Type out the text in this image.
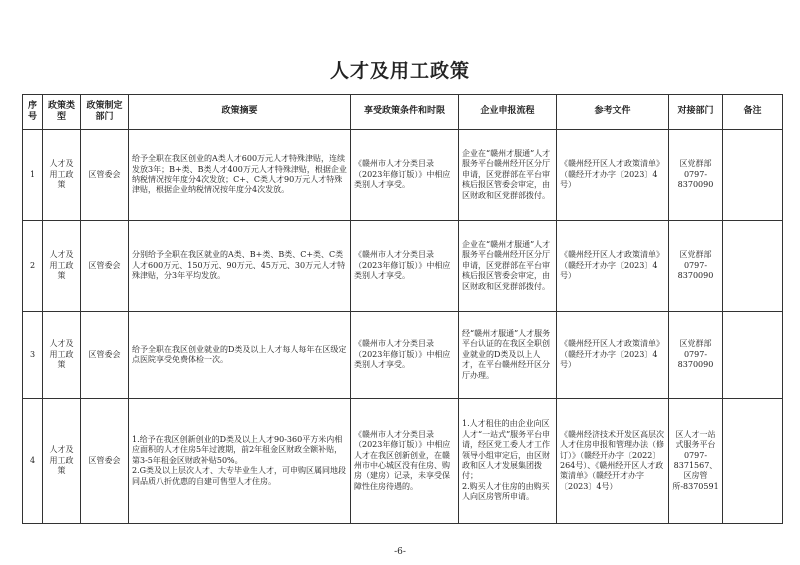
人才及用工政策
序号	政策类型	政策制定部门	政策摘要	享受政策条件和时限	企业申报流程	参考文件	对接部门	备注
1	人才及用工政策	区管委会	给予全职在我区创业的A类人才600万元人才特殊津贴，连续发放3年；B+类、B类人才400万元人才特殊津贴，根据企业纳税情况按年度分4次发放；C+、C类人才90万元人才特殊津贴，根据企业纳税情况按年度分4次发放。	《赣州市人才分类目录（2023年修订版）》中相应类别人才享受。	企业在“赣州才服通”人才服务平台赣州经开区分厅申请，区党群部在平台审核后报区管委会审定，由区财政和区党群部拨付。	《赣州经开区人才政策清单》（赣经开才办字〔2023〕4号）	区党群部 0797-8370090	
2	人才及用工政策	区管委会	分别给予全职在我区就业的A类、B+类、B类、C+类、C类人才600万元、150万元、90万元、45万元、30万元人才特殊津贴，分3年平均发放。	《赣州市人才分类目录（2023年修订版）》中相应类别人才享受。	企业在“赣州才服通”人才服务平台赣州经开区分厅申请，区党群部在平台审核后报区管委会审定，由区财政和区党群部拨付。	《赣州经开区人才政策清单》（赣经开才办字〔2023〕4号）	区党群部 0797-8370090	
3	人才及用工政策	区管委会	给予全职在我区创业就业的D类及以上人才每人每年在区级定点医院享受免费体检一次。	《赣州市人才分类目录（2023年修订版）》中相应类别人才享受。	经“赣州才服通”人才服务平台认证的在我区全职创业就业的D类及以上人才，在平台赣州经开区分厅办理。	《赣州经开区人才政策清单》（赣经开才办字〔2023〕4号）	区党群部 0797-8370090	
4	人才及用工政策	区管委会	1.给予在我区创新创业的D类及以上人才90-360平方米内相应面积的人才住房5年过渡期，前2年租金区财政全额补贴，第3-5年租金区财政补贴50%。
2.G类及以上层次人才、大专毕业生人才，可申购区属同地段同品质八折优惠的自建可售型人才住房。	《赣州市人才分类目录（2023年修订版）》中相应人才在我区创新创业，在赣州市中心城区没有住房、购房（建房）记录，未享受保障性住房待遇的。	1.人才租住的由企业向区人才“一站式”服务平台申请，经区党工委人才工作领导小组审定后，由区财政和区人才发展集团拨付；
2.购买人才住房的由购买人向区房管所申请。	《赣州经济技术开发区高层次人才住房申报和管理办法（修订）》（赣经开办字〔2022〕264号）、《赣州经开区人才政策清单》（赣经开才办字〔2023〕4号）	区人才一站式服务平台 0797-8371567、区房管所-8370591	
-6-
